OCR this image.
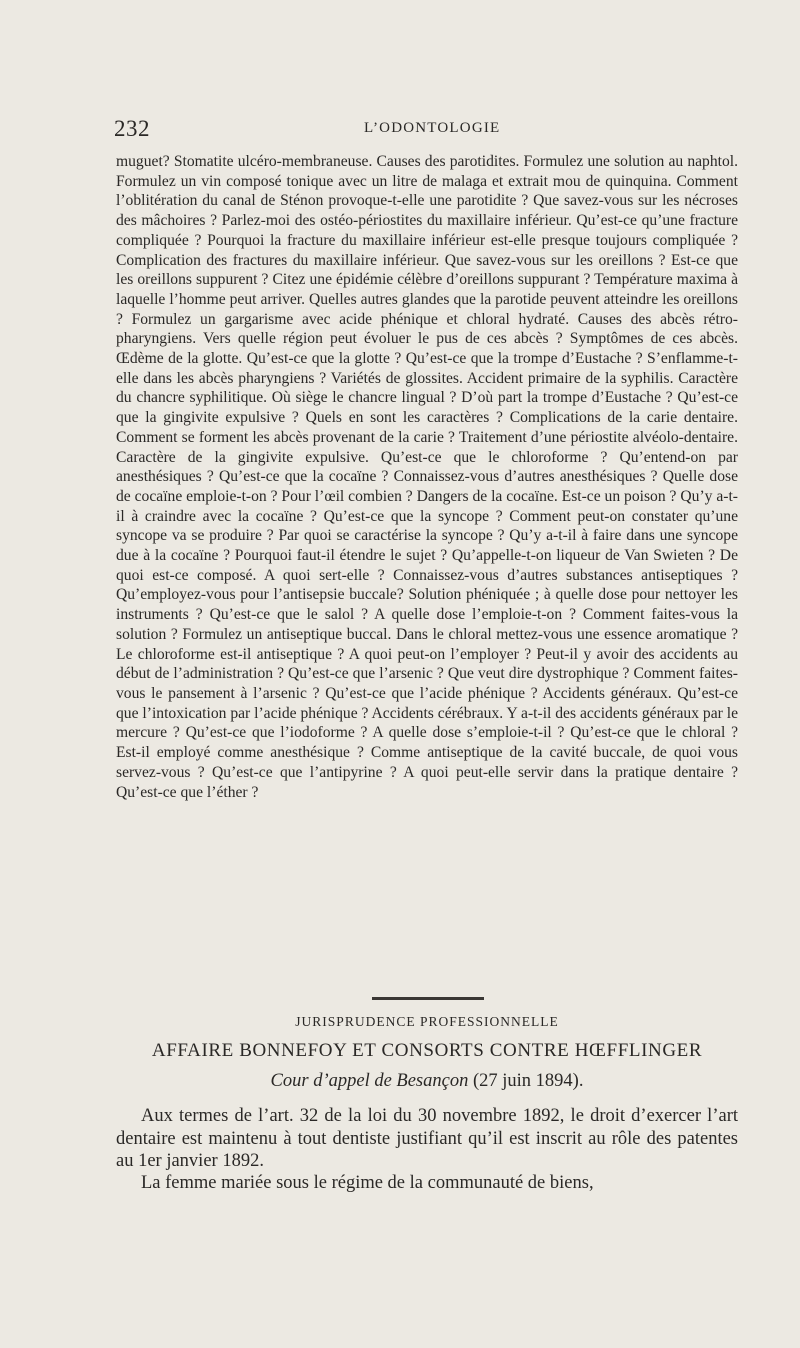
232	L’ODONTOLOGIE

muguet? Stomatite ulcéro-membraneuse. Causes des parotidites. Formulez une solution au naphtol. Formulez un vin composé tonique avec un litre de malaga et extrait mou de quinquina. Comment l’oblitération du canal de Sténon provoque-t-elle une parotidite ? Que savez-vous sur les nécroses des mâchoires ? Parlez-moi des ostéo-périostites du maxillaire inférieur. Qu’est-ce qu’une fracture compliquée ? Pourquoi la fracture du maxillaire inférieur est-elle presque toujours compliquée ? Complication des fractures du maxillaire inférieur. Que savez-vous sur les oreillons ? Est-ce que les oreillons suppurent ? Citez une épidémie célèbre d’oreillons suppurant ? Température maxima à laquelle l’homme peut arriver. Quelles autres glandes que la parotide peuvent atteindre les oreillons ? Formulez un gargarisme avec acide phénique et chloral hydraté. Causes des abcès rétro-pharyngiens. Vers quelle région peut évoluer le pus de ces abcès ? Symptômes de ces abcès. Œdème de la glotte. Qu’est-ce que la glotte ? Qu’est-ce que la trompe d’Eustache ? S’enflamme-t-elle dans les abcès pharyngiens ? Variétés de glossites. Accident primaire de la syphilis. Caractère du chancre syphilitique. Où siège le chancre lingual ? D’où part la trompe d’Eustache ? Qu’est-ce que la gingivite expulsive ? Quels en sont les caractères ? Complications de la carie dentaire. Comment se forment les abcès provenant de la carie ? Traitement d’une périostite alvéolo-dentaire. Caractère de la gingivite expulsive. Qu’est-ce que le chloroforme ? Qu’entend-on par anesthésiques ? Qu’est-ce que la cocaïne ? Connaissez-vous d’autres anesthésiques ? Quelle dose de cocaïne emploie-t-on ? Pour l’œil combien ? Dangers de la cocaïne. Est-ce un poison ? Qu’y a-t-il à craindre avec la cocaïne ? Qu’est-ce que la syncope ? Comment peut-on constater qu’une syncope va se produire ? Par quoi se caractérise la syncope ? Qu’y a-t-il à faire dans une syncope due à la cocaïne ? Pourquoi faut-il étendre le sujet ? Qu’appelle-t-on liqueur de Van Swieten ? De quoi est-ce composé. A quoi sert-elle ? Connaissez-vous d’autres substances antiseptiques ? Qu’employez-vous pour l’antisepsie buccale? Solution phéniquée ; à quelle dose pour nettoyer les instruments ? Qu’est-ce que le salol ? A quelle dose l’emploie-t-on ? Comment faites-vous la solution ? Formulez un antiseptique buccal. Dans le chloral mettez-vous une essence aromatique ? Le chloroforme est-il antiseptique ? A quoi peut-on l’employer ? Peut-il y avoir des accidents au début de l’administration ? Qu’est-ce que l’arsenic ? Que veut dire dystrophique ? Comment faites-vous le pansement à l’arsenic ? Qu’est-ce que l’acide phénique ? Accidents généraux. Qu’est-ce que l’intoxication par l’acide phénique ? Accidents cérébraux. Y a-t-il des accidents généraux par le mercure ? Qu’est-ce que l’iodoforme ? A quelle dose s’emploie-t-il ? Qu’est-ce que le chloral ? Est-il employé comme anesthésique ? Comme antiseptique de la cavité buccale, de quoi vous servez-vous ? Qu’est-ce que l’antipyrine ? A quoi peut-elle servir dans la pratique dentaire ? Qu’est-ce que l’éther ?

JURISPRUDENCE PROFESSIONNELLE
AFFAIRE BONNEFOY ET CONSORTS CONTRE HŒFFLINGER
Cour d’appel de Besançon (27 juin 1894).

Aux termes de l’art. 32 de la loi du 30 novembre 1892, le droit d’exercer l’art dentaire est maintenu à tout dentiste justifiant qu’il est inscrit au rôle des patentes au 1er janvier 1892.

La femme mariée sous le régime de la communauté de biens,
